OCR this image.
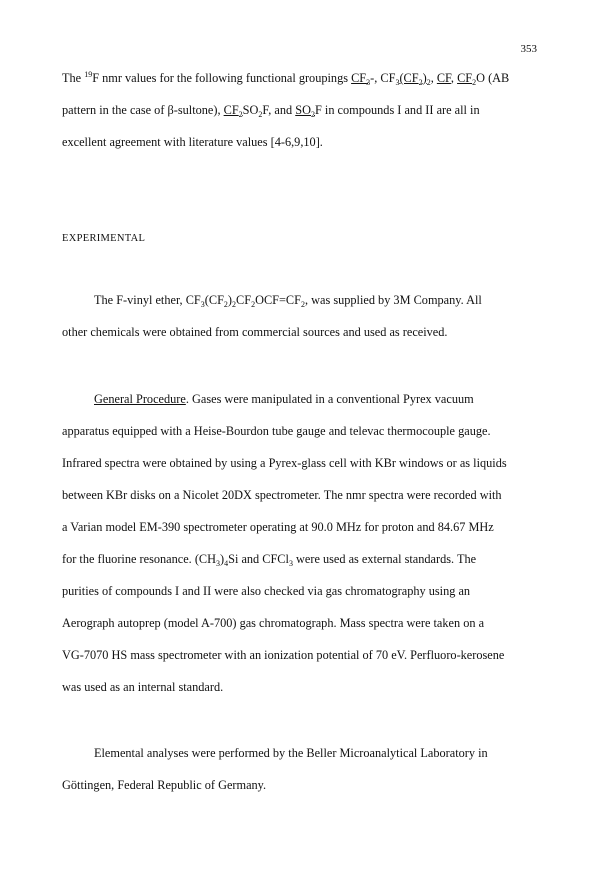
353
The $^{19}$F nmr values for the following functional groupings $CF_3-$, $CF_3(CF_2)_2$, CF, $CF_2O$ (AB
pattern in the case of β-sultone), $CF_2SO_2F$, and $SO_2F$ in compounds I and II are all in
excellent agreement with literature values [4-6,9,10].
EXPERIMENTAL
The F-vinyl ether, $CF_3(CF_2)_2CF_2OCF=CF_2$, was supplied by 3M Company. All
other chemicals were obtained from commercial sources and used as received.
General Procedure. Gases were manipulated in a conventional Pyrex vacuum
apparatus equipped with a Heise-Bourdon tube gauge and televac thermocouple gauge.
Infrared spectra were obtained by using a Pyrex-glass cell with KBr windows or as liquids
between KBr disks on a Nicolet 20DX spectrometer. The nmr spectra were recorded with
a Varian model EM-390 spectrometer operating at 90.0 MHz for proton and 84.67 MHz
for the fluorine resonance. $(CH_3)_4Si$ and CFCl$_3$ were used as external standards. The
purities of compounds I and II were also checked via gas chromatography using an
Aerograph autoprep (model A-700) gas chromatograph. Mass spectra were taken on a
VG-7070 HS mass spectrometer with an ionization potential of 70 eV. Perfluoro-kerosene
was used as an internal standard.
Elemental analyses were performed by the Beller Microanalytical Laboratory in
Göttingen, Federal Republic of Germany.
